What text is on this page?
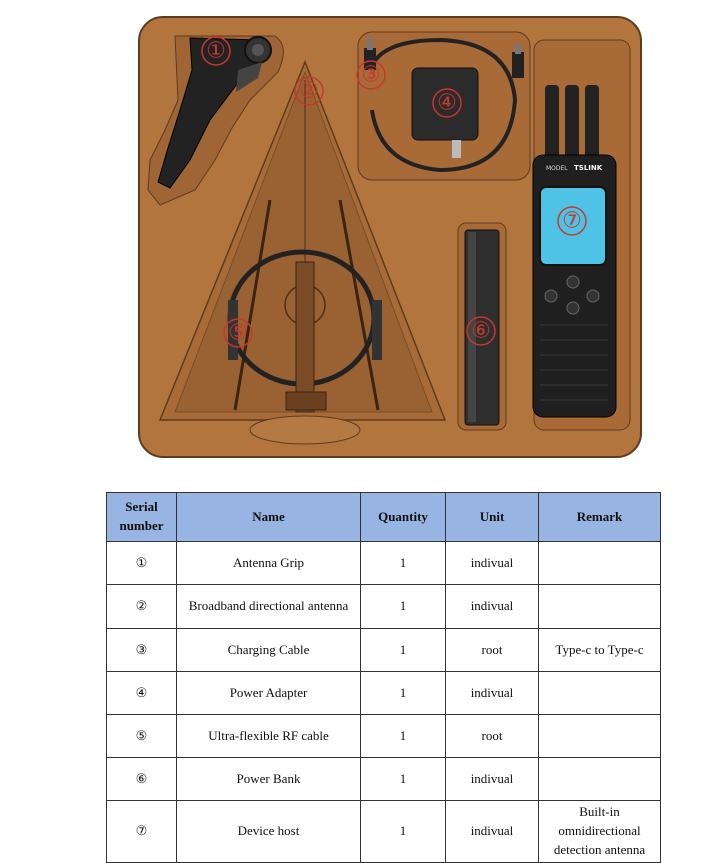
MODEL TSLINK
①
②
③
④
⑤	⑥
⑦
Serial number	Name	Quantity	Unit	Remark
①	Antenna Grip	1	indivual	
②	Broadband directional antenna	1	indivual	
③	Charging Cable	1	root	Type-c to Type-c
④	Power Adapter	1	indivual	
⑤	Ultra-flexible RF cable	1	root	
⑥	Power Bank	1	indivual	
⑦	Device host	1	indivual	Built-in omnidirectional detection antenna
